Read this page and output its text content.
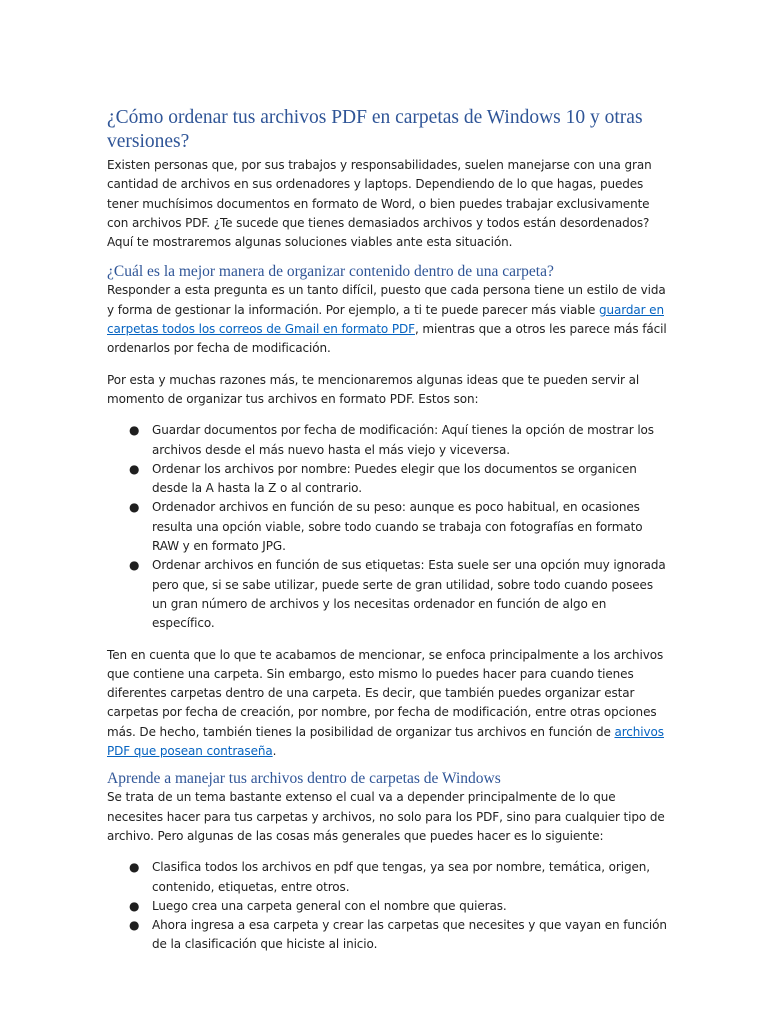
¿Cómo ordenar tus archivos PDF en carpetas de Windows 10 y otras versiones?

Existen personas que, por sus trabajos y responsabilidades, suelen manejarse con una gran cantidad de archivos en sus ordenadores y laptops. Dependiendo de lo que hagas, puedes tener muchísimos documentos en formato de Word, o bien puedes trabajar exclusivamente con archivos PDF. ¿Te sucede que tienes demasiados archivos y todos están desordenados? Aquí te mostraremos algunas soluciones viables ante esta situación.

¿Cuál es la mejor manera de organizar contenido dentro de una carpeta?

Responder a esta pregunta es un tanto difícil, puesto que cada persona tiene un estilo de vida y forma de gestionar la información. Por ejemplo, a ti te puede parecer más viable guardar en carpetas todos los correos de Gmail en formato PDF, mientras que a otros les parece más fácil ordenarlos por fecha de modificación.

Por esta y muchas razones más, te mencionaremos algunas ideas que te pueden servir al momento de organizar tus archivos en formato PDF. Estos son:

● Guardar documentos por fecha de modificación: Aquí tienes la opción de mostrar los archivos desde el más nuevo hasta el más viejo y viceversa.
● Ordenar los archivos por nombre: Puedes elegir que los documentos se organicen desde la A hasta la Z o al contrario.
● Ordenador archivos en función de su peso: aunque es poco habitual, en ocasiones resulta una opción viable, sobre todo cuando se trabaja con fotografías en formato RAW y en formato JPG.
● Ordenar archivos en función de sus etiquetas: Esta suele ser una opción muy ignorada pero que, si se sabe utilizar, puede serte de gran utilidad, sobre todo cuando posees un gran número de archivos y los necesitas ordenador en función de algo en específico.

Ten en cuenta que lo que te acabamos de mencionar, se enfoca principalmente a los archivos que contiene una carpeta. Sin embargo, esto mismo lo puedes hacer para cuando tienes diferentes carpetas dentro de una carpeta. Es decir, que también puedes organizar estar carpetas por fecha de creación, por nombre, por fecha de modificación, entre otras opciones más. De hecho, también tienes la posibilidad de organizar tus archivos en función de archivos PDF que posean contraseña.

Aprende a manejar tus archivos dentro de carpetas de Windows

Se trata de un tema bastante extenso el cual va a depender principalmente de lo que necesites hacer para tus carpetas y archivos, no solo para los PDF, sino para cualquier tipo de archivo. Pero algunas de las cosas más generales que puedes hacer es lo siguiente:

● Clasifica todos los archivos en pdf que tengas, ya sea por nombre, temática, origen, contenido, etiquetas, entre otros.
● Luego crea una carpeta general con el nombre que quieras.
● Ahora ingresa a esa carpeta y crear las carpetas que necesites y que vayan en función de la clasificación que hiciste al inicio.
